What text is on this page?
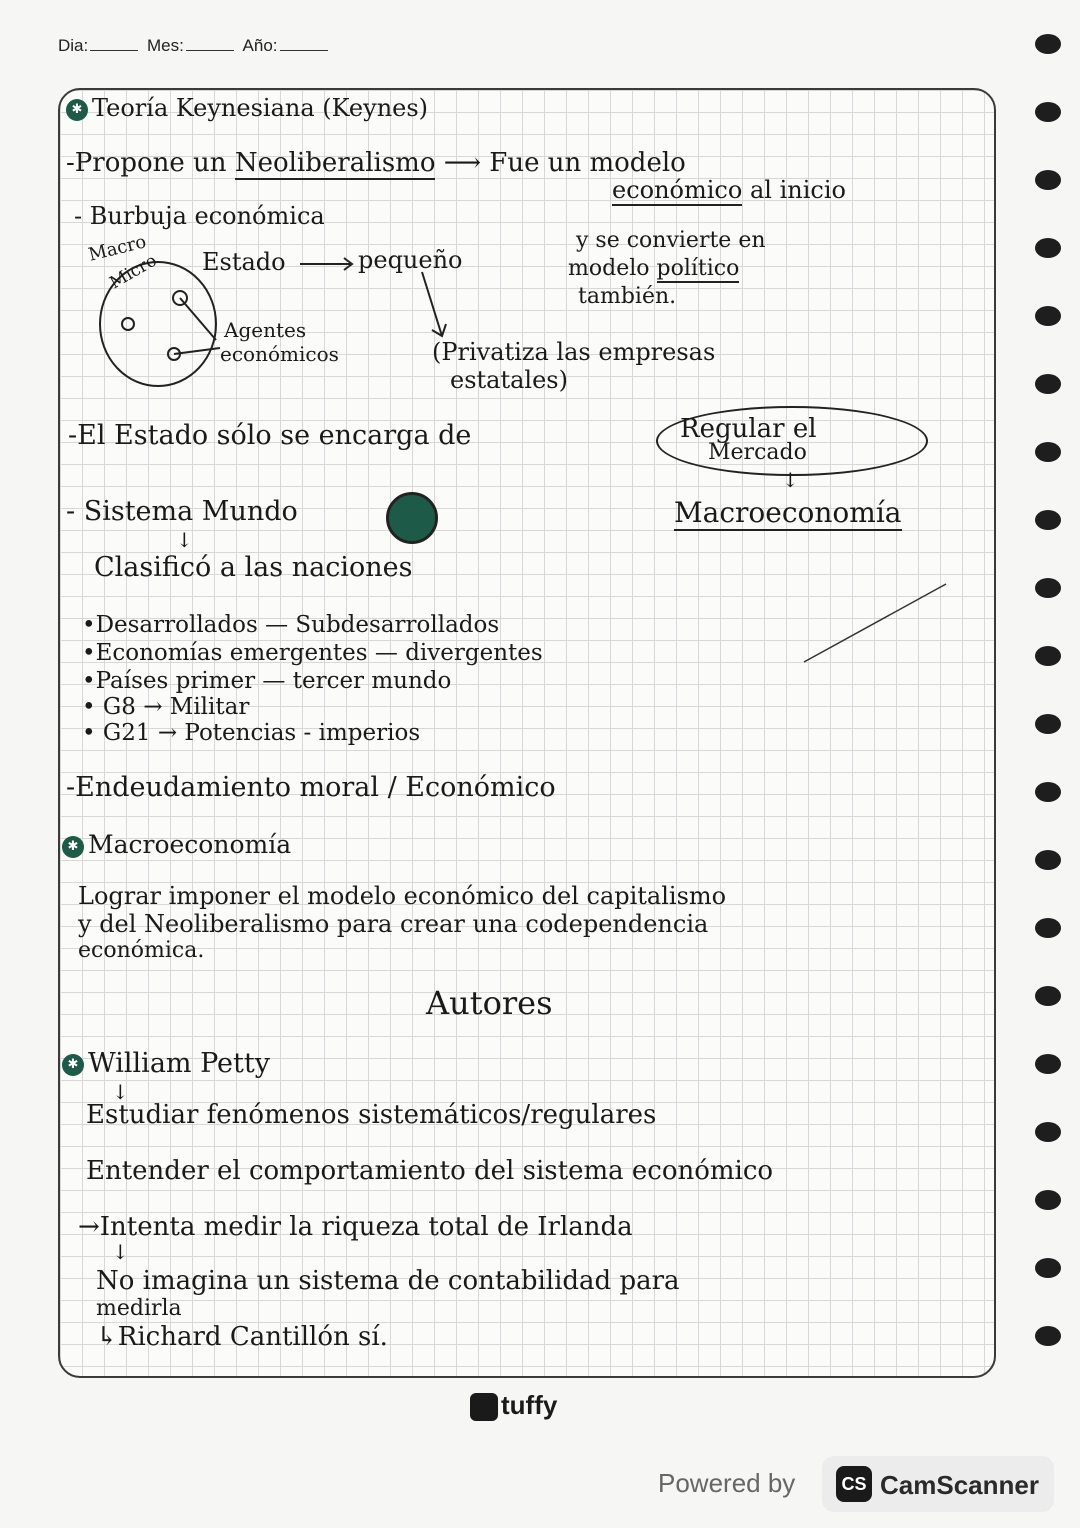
Dia:	Mes:	Año:
✱ Teoría Keynesiana (Keynes)
-Propone un Neoliberalismo ⟶ Fue un modelo
económico al inicio
- Burbuja económica
y se convierte en
modelo político
también.
Macro
Micro Estado	pequeño
Agentes
económicos	(Privatiza las empresas
estatales)
-El Estado sólo se encarga de	Regular el
Mercado
↓
Macroeconomía
- Sistema Mundo
↓
Clasificó a las naciones
•Desarrollados — Subdesarrollados
•Economías emergentes — divergentes
•Países primer — tercer mundo
• G8 → Militar
• G21 → Potencias - imperios
-Endeudamiento moral / Económico
✱ Macroeconomía
Lograr imponer el modelo económico del capitalismo
y del Neoliberalismo para crear una codependencia
económica.
Autores
✱ William Petty
↓
Estudiar fenómenos sistemáticos/regulares
Entender el comportamiento del sistema económico
→Intenta medir la riqueza total de Irlanda
↓
No imagina un sistema de contabilidad para
medirla
↳Richard Cantillón sí.
tuffy
Powered by	CS CamScanner
